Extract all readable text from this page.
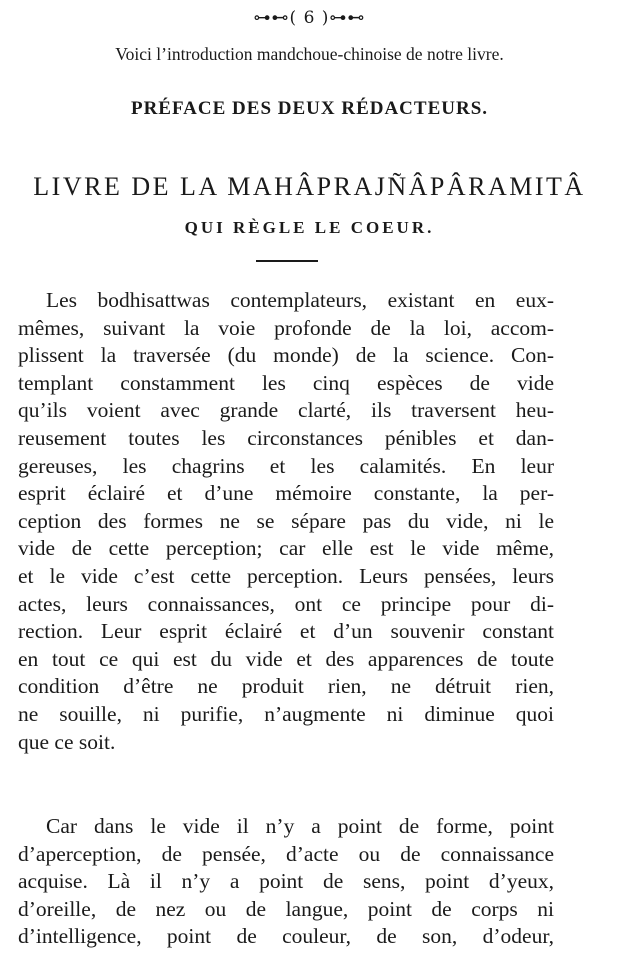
⊶⊷( 6 )⊶⊷
Voici l’introduction mandchoue-chinoise de notre livre.
PRÉFACE DES DEUX RÉDACTEURS.
LIVRE DE LA MAHÂPRAJÑÂPÂRAMITÂ
QUI RÈGLE LE COEUR.
Les bodhisattwas contemplateurs, existant en eux-
mêmes, suivant la voie profonde de la loi, accom-
plissent la traversée (du monde) de la science. Con-
templant constamment les cinq espèces de vide
qu’ils voient avec grande clarté, ils traversent heu-
reusement toutes les circonstances pénibles et dan-
gereuses, les chagrins et les calamités. En leur
esprit éclairé et d’une mémoire constante, la per-
ception des formes ne se sépare pas du vide, ni le
vide de cette perception; car elle est le vide même,
et le vide c’est cette perception. Leurs pensées, leurs
actes, leurs connaissances, ont ce principe pour di-
rection. Leur esprit éclairé et d’un souvenir constant
en tout ce qui est du vide et des apparences de toute
condition d’être ne produit rien, ne détruit rien,
ne souille, ni purifie, n’augmente ni diminue quoi
que ce soit.
Car dans le vide il n’y a point de forme, point
d’aperception, de pensée, d’acte ou de connaissance
acquise. Là il n’y a point de sens, point d’yeux,
d’oreille, de nez ou de langue, point de corps ni
d’intelligence, point de couleur, de son, d’odeur,
